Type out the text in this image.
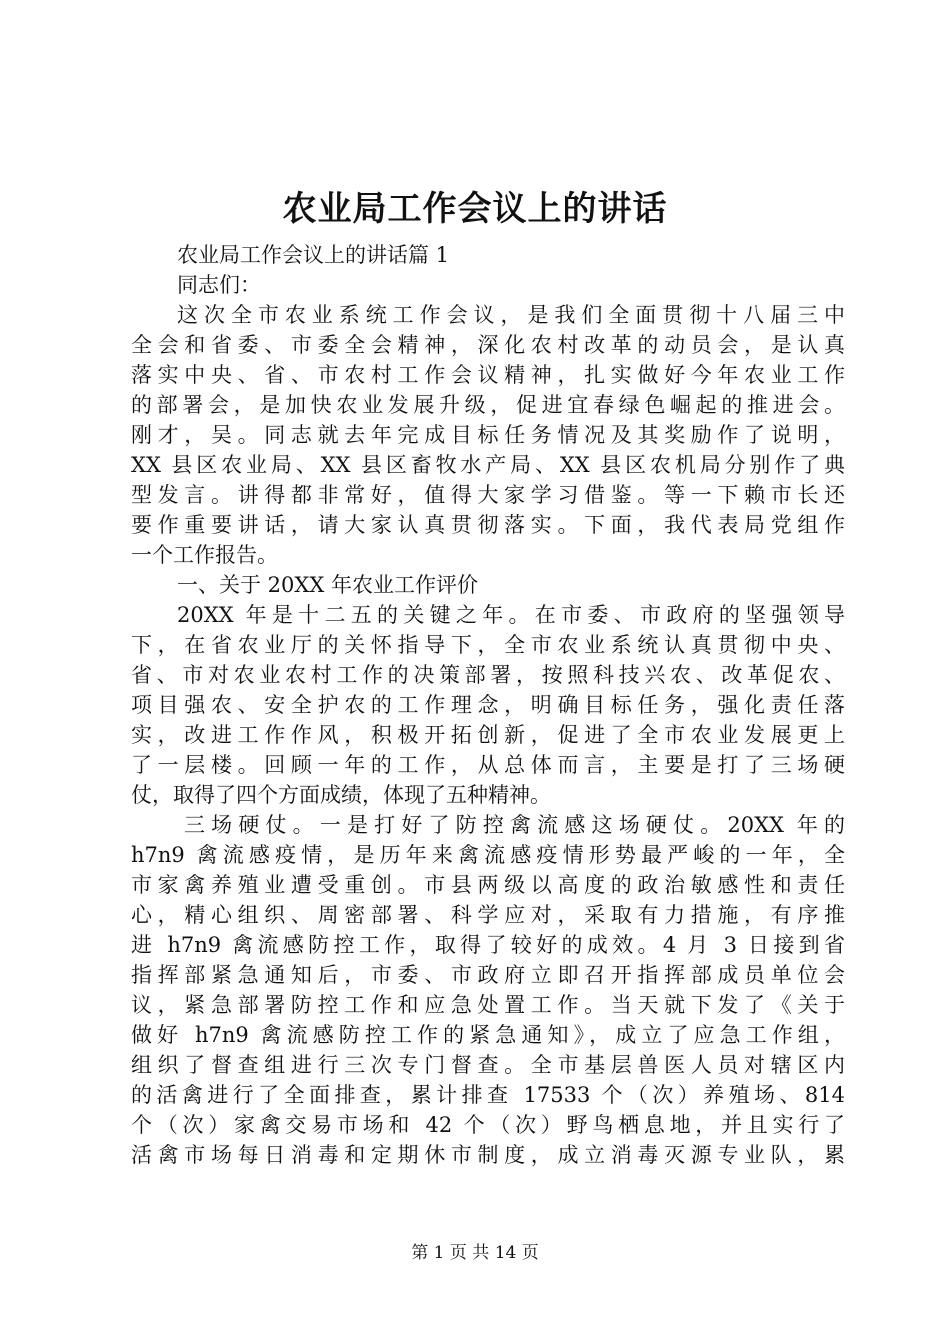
农业局工作会议上的讲话
农业局工作会议上的讲话篇 1
同志们：
这次全市农业系统工作会议，是我们全面贯彻十八届三中
全会和省委、市委全会精神，深化农村改革的动员会，是认真
落实中央、省、市农村工作会议精神，扎实做好今年农业工作
的部署会，是加快农业发展升级，促进宜春绿色崛起的推进会。
刚才，吴。同志就去年完成目标任务情况及其奖励作了说明，
XX 县区农业局、XX 县区畜牧水产局、XX 县区农机局分别作了典
型发言。讲得都非常好，值得大家学习借鉴。等一下赖市长还
要作重要讲话，请大家认真贯彻落实。下面，我代表局党组作
一个工作报告。
一、关于 20XX 年农业工作评价
20XX 年是十二五的关键之年。在市委、市政府的坚强领导
下，在省农业厅的关怀指导下，全市农业系统认真贯彻中央、
省、市对农业农村工作的决策部署，按照科技兴农、改革促农、
项目强农、安全护农的工作理念，明确目标任务，强化责任落
实，改进工作作风，积极开拓创新，促进了全市农业发展更上
了一层楼。回顾一年的工作，从总体而言，主要是打了三场硬
仗，取得了四个方面成绩，体现了五种精神。
三场硬仗。一是打好了防控禽流感这场硬仗。20XX 年的
h7n9 禽流感疫情，是历年来禽流感疫情形势最严峻的一年，全
市家禽养殖业遭受重创。市县两级以高度的政治敏感性和责任
心，精心组织、周密部署、科学应对，采取有力措施，有序推
进 h7n9 禽流感防控工作，取得了较好的成效。4 月 3 日接到省
指挥部紧急通知后，市委、市政府立即召开指挥部成员单位会
议，紧急部署防控工作和应急处置工作。当天就下发了《关于
做好 h7n9 禽流感防控工作的紧急通知》，成立了应急工作组，
组织了督查组进行三次专门督查。全市基层兽医人员对辖区内
的活禽进行了全面排查，累计排查 17533 个（次）养殖场、814
个（次）家禽交易市场和 42 个（次）野鸟栖息地，并且实行了
活禽市场每日消毒和定期休市制度，成立消毒灭源专业队，累
第 1 页 共 14 页
